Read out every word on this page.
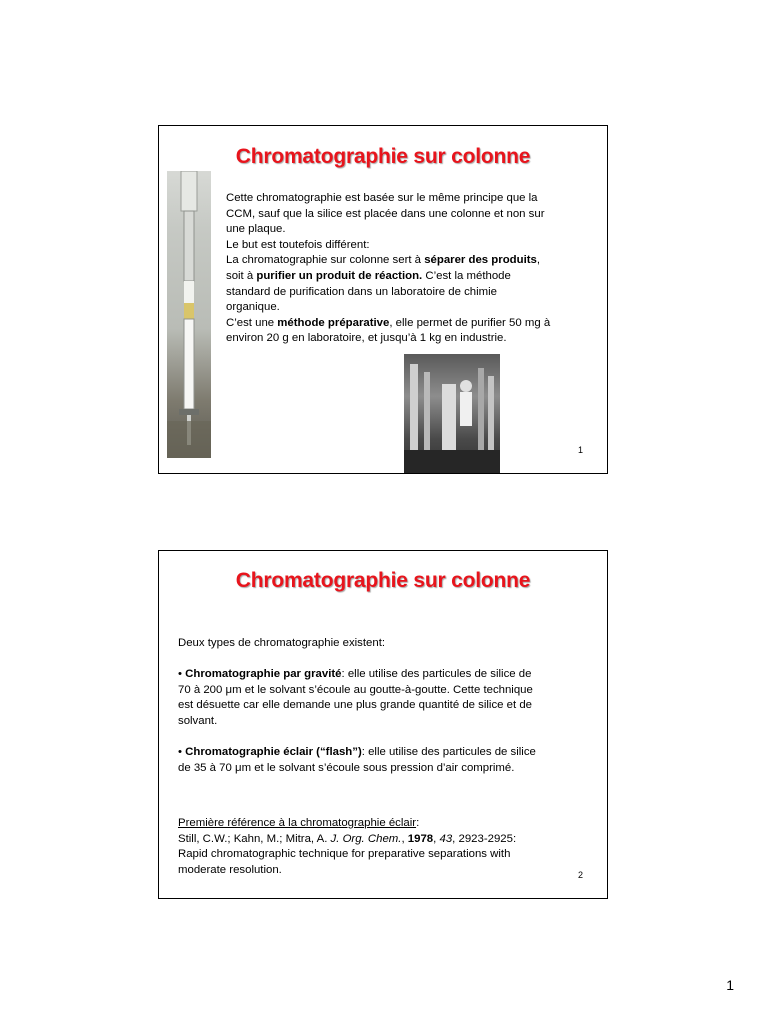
Chromatographie sur colonne

Cette chromatographie est basée sur le même principe que la

CCM, sauf que la silice est placée dans une colonne et non sur

une plaque.

Le but est toutefois différent:

La chromatographie sur colonne sert à séparer des produits,

soit à purifier un produit de réaction. C’est la méthode

standard de purification dans un laboratoire de chimie

organique.

C’est une méthode préparative, elle permet de purifier 50 mg à

environ 20 g en laboratoire, et jusqu’à 1 kg en industrie.

1
Chromatographie sur colonne

Deux types de chromatographie existent:

• Chromatographie par gravité: elle utilise des particules de silice de

70 à 200 μm et le solvant s’écoule au goutte-à-goutte. Cette technique

est désuette car elle demande une plus grande quantité de silice et de

solvant.

• Chromatographie éclair (“flash”): elle utilise des particules de silice

de 35 à 70 μm et le solvant s’écoule sous pression d’air comprimé.

Première référence à la chromatographie éclair:

Still, C.W.; Kahn, M.; Mitra, A. J. Org. Chem., 1978, 43, 2923-2925:

Rapid chromatographic technique for preparative separations with

moderate resolution.	2
1
